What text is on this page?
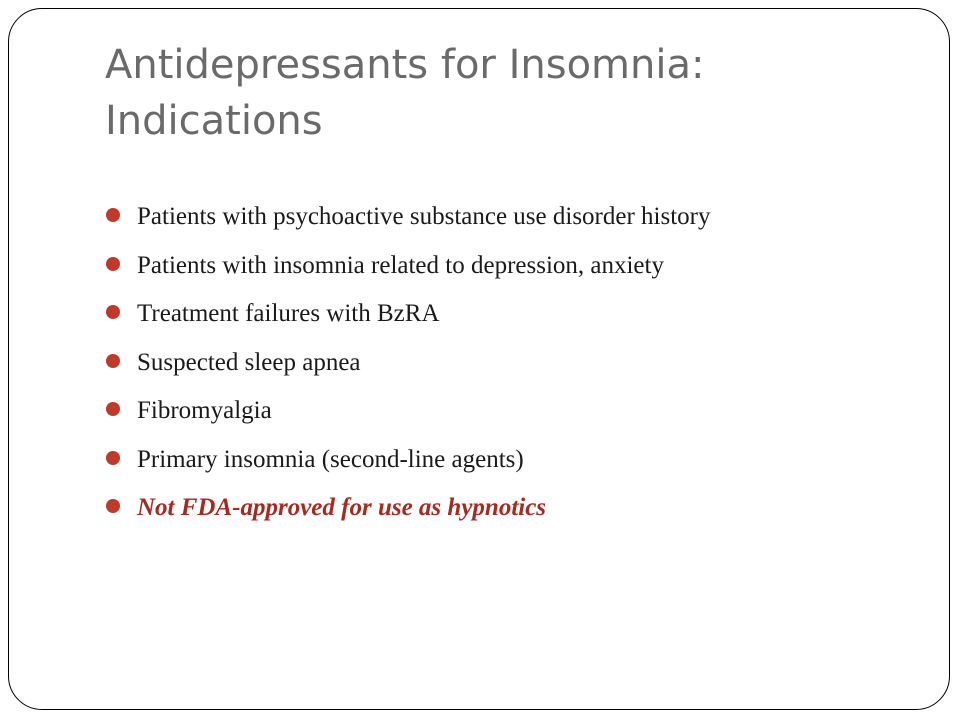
Antidepressants for Insomnia:
Indications
Patients with psychoactive substance use disorder history
Patients with insomnia related to depression, anxiety
Treatment failures with BzRA
Suspected sleep apnea
Fibromyalgia
Primary insomnia (second-line agents)
Not FDA-approved for use as hypnotics
